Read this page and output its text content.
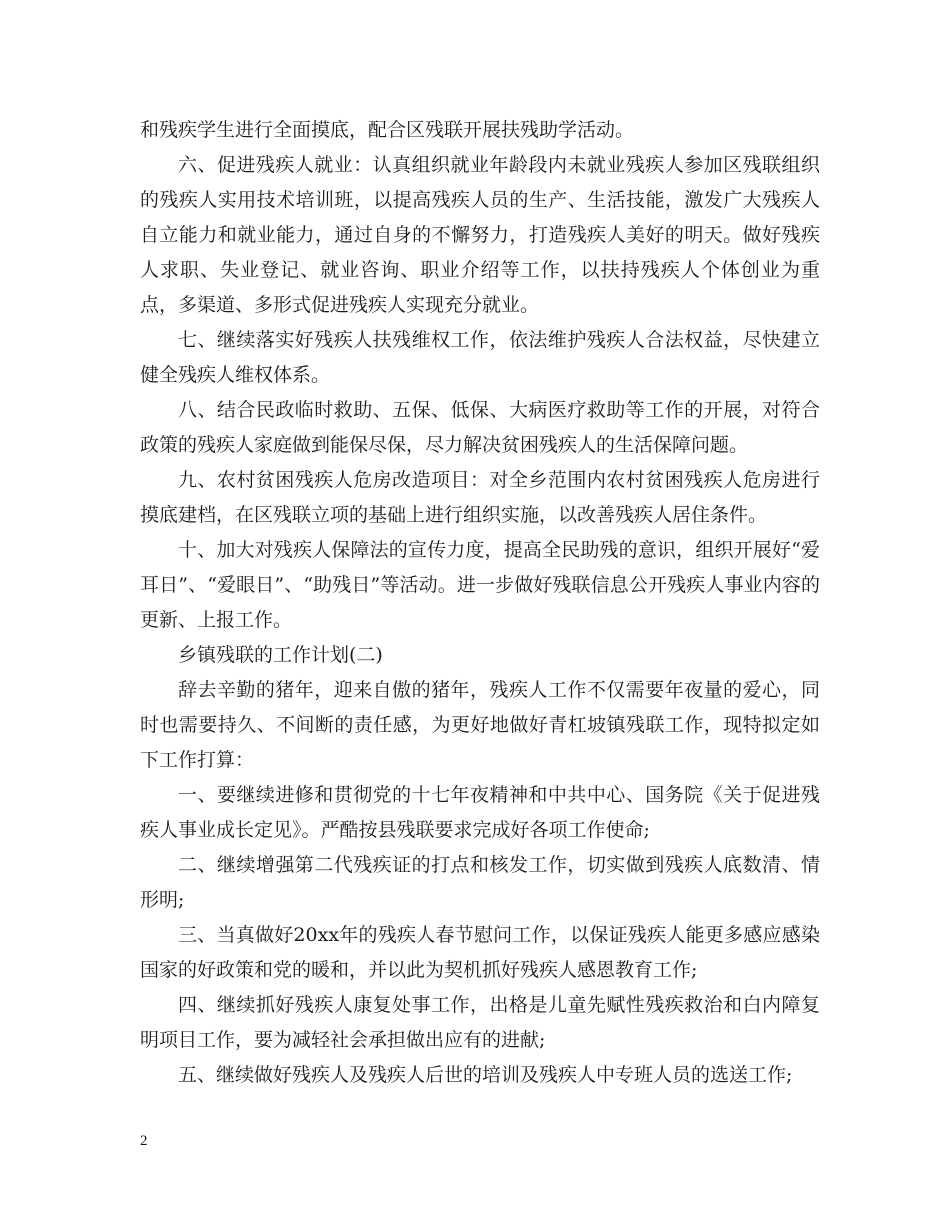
和残疾学生进行全面摸底，配合区残联开展扶残助学活动。

六、促进残疾人就业：认真组织就业年龄段内未就业残疾人参加区残联组织的残疾人实用技术培训班，以提高残疾人员的生产、生活技能，激发广大残疾人自立能力和就业能力，通过自身的不懈努力，打造残疾人美好的明天。做好残疾人求职、失业登记、就业咨询、职业介绍等工作，以扶持残疾人个体创业为重点，多渠道、多形式促进残疾人实现充分就业。

七、继续落实好残疾人扶残维权工作，依法维护残疾人合法权益，尽快建立健全残疾人维权体系。

八、结合民政临时救助、五保、低保、大病医疗救助等工作的开展，对符合政策的残疾人家庭做到能保尽保，尽力解决贫困残疾人的生活保障问题。

九、农村贫困残疾人危房改造项目：对全乡范围内农村贫困残疾人危房进行摸底建档，在区残联立项的基础上进行组织实施，以改善残疾人居住条件。

十、加大对残疾人保障法的宣传力度，提高全民助残的意识，组织开展好“爱耳日”、“爱眼日”、“助残日”等活动。进一步做好残联信息公开残疾人事业内容的更新、上报工作。

乡镇残联的工作计划(二)

辞去辛勤的猪年，迎来自傲的猪年，残疾人工作不仅需要年夜量的爱心，同时也需要持久、不间断的责任感，为更好地做好青杠坡镇残联工作，现特拟定如下工作打算：

一、要继续进修和贯彻党的十七年夜精神和中共中心、国务院《关于促进残疾人事业成长定见》。严酷按县残联要求完成好各项工作使命;

二、继续增强第二代残疾证的打点和核发工作，切实做到残疾人底数清、情形明;

三、当真做好20xx年的残疾人春节慰问工作，以保证残疾人能更多感应感染国家的好政策和党的暖和，并以此为契机抓好残疾人感恩教育工作;

四、继续抓好残疾人康复处事工作，出格是儿童先赋性残疾救治和白内障复明项目工作，要为减轻社会承担做出应有的进献;

五、继续做好残疾人及残疾人后世的培训及残疾人中专班人员的选送工作;

2
